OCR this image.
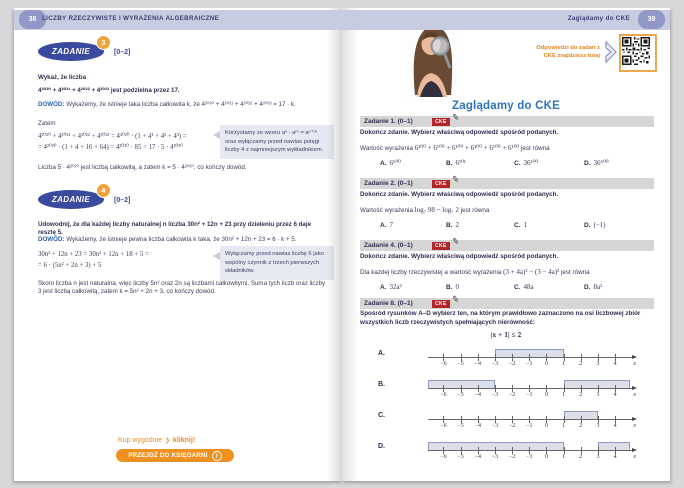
38 LICZBY RZECZYWISTE I WYRAŻENIA ALGEBRAICZNE	Zaglądamy do CKE	39
ZADANIE
3
[0–2]
Wykaż, że liczba
4²⁰²⁰ + 4²⁰²¹ + 4²⁰²² + 4²⁰²³ jest podzielna przez 17.
DOWÓD: Wykażemy, że istnieje taka liczba całkowita k, że 4²⁰²⁰ + 4²⁰²¹ + 4²⁰²² + 4²⁰²³ = 17 · k.
Zatem
4²⁰²⁰ + 4²⁰²¹ + 4²⁰²² + 4²⁰²³ = 4²⁰²⁰ · (1 + 4¹ + 4² + 4³) =
= 4²⁰²⁰ · (1 + 4 + 16 + 64) = 4²⁰²⁰ · 85 = 17 · 5 · 4²⁰²⁰
Korzystamy ze wzoru aⁿ · aᵐ = aⁿ⁺ᵐ oraz wyłączamy przed nawias potęgi liczby 4 z najmniejszym wykładnikiem.
Liczba 5 · 4²⁰²⁰ jest liczbą całkowitą, a zatem k = 5 · 4²⁰²⁰, co kończy dowód.
ZADANIE
4
[0–2]
Udowodnij, że dla każdej liczby naturalnej n liczba 30n² + 12n + 23 przy dzieleniu przez 6 daje resztę 5.
DOWÓD: Wykażemy, że istnieje pewna liczba całkowita k taka, że 30n² + 12n + 23 = 6 · k + 5.
30n² + 12n + 23 = 30n² + 12n + 18 + 5 =
= 6 · (5n² + 2n + 3) + 5
Wyłączamy przed nawias liczbę 6 jako wspólny czynnik z trzech pierwszych składników.
Skoro liczba n jest naturalna, więc liczby 5n² oraz 2n są liczbami całkowitymi. Suma tych liczb oraz liczby 3 jest liczbą całkowitą, zatem k = 5n² + 2n + 3, co kończy dowód.
Kup wygodnie ❯ kliknij!
PRZEJDŹ DO KSIĘGARNI	❯
Odpowiedzi do zadań z CKE znajdziesz tutaj
Zaglądamy do CKE
Zadanie 1. (0–1)	CKE ✎
Dokończ zdanie. Wybierz właściwą odpowiedź spośród podanych.
Wartość wyrażenia 6¹⁰⁰ + 6¹⁰⁰ + 6¹⁰⁰ + 6¹⁰⁰ + 6¹⁰⁰ + 6¹⁰⁰ jest równa
A. 6⁶⁰⁰	B. 6¹⁰¹	C. 36¹⁰⁰	D. 36⁶⁰⁰
Zadanie 2. (0–1)	CKE ✎
Dokończ zdanie. Wybierz właściwą odpowiedź spośród podanych.
Wartość wyrażenia log₇ 98 − log₇ 2 jest równa
A. 7	B. 2	C. 1	D. (−1)
Zadanie 4. (0–1)	CKE ✎
Dokończ zdanie. Wybierz właściwą odpowiedź spośród podanych.
Dla każdej liczby rzeczywistej a wartość wyrażenia (3 + 4a)² − (3 − 4a)² jest równa
A. 32a²	B. 0	C. 48a	D. 8a²
Zadanie 8. (0–1)	CKE ✎
Spośród rysunków A–D wybierz ten, na którym prawidłowo zaznaczono na osi liczbowej zbiór wszystkich liczb rzeczywistych spełniających nierówność:
|x + 1| ≤ 2
A.
−6 −5 −4 −3 −2 −1 0 1 2 3 4	x
B.
−6 −5 −4 −3 −2 −1 0 1 2 3 4	x
C.
−6 −5 −4 −3 −2 −1 0 1 2 3 4	x
D.
−6 −5 −4 −3 −2 −1 0 1 2 3 4	x
